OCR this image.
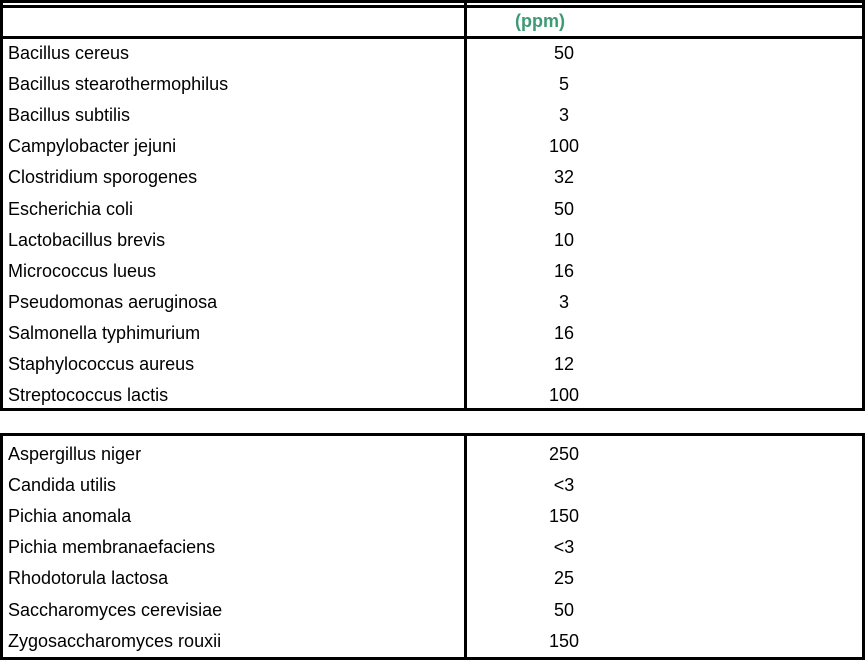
(ppm)
Bacillus cereus	50
Bacillus stearothermophilus	5
Bacillus subtilis	3
Campylobacter jejuni	100
Clostridium sporogenes	32
Escherichia coli	50
Lactobacillus brevis	10
Micrococcus lueus	16
Pseudomonas aeruginosa	3
Salmonella typhimurium	16
Staphylococcus aureus	12
Streptococcus lactis	100
Aspergillus niger	250
Candida utilis	<3
Pichia anomala	150
Pichia membranaefaciens	<3
Rhodotorula lactosa	25
Saccharomyces cerevisiae	50
Zygosaccharomyces rouxii	150
